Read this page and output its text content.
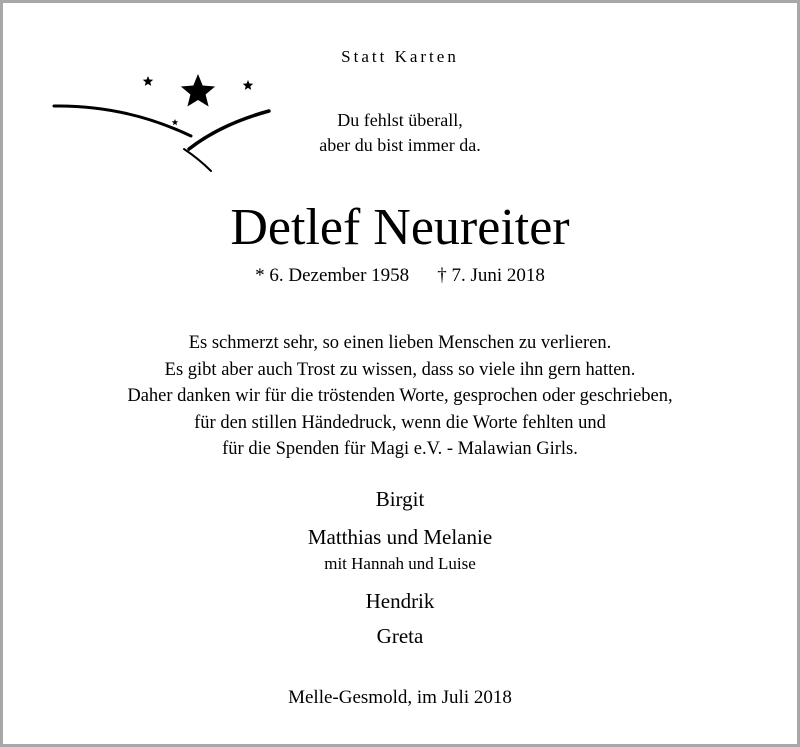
Statt Karten
Du fehlst überall,
aber du bist immer da.
Detlef Neureiter
* 6. Dezember 1958 † 7. Juni 2018
Es schmerzt sehr, so einen lieben Menschen zu verlieren.
Es gibt aber auch Trost zu wissen, dass so viele ihn gern hatten.
Daher danken wir für die tröstenden Worte, gesprochen oder geschrieben,
für den stillen Händedruck, wenn die Worte fehlten und
für die Spenden für Magi e.V. - Malawian Girls.
Birgit
Matthias und Melanie
mit Hannah und Luise
Hendrik
Greta
Melle-Gesmold, im Juli 2018
